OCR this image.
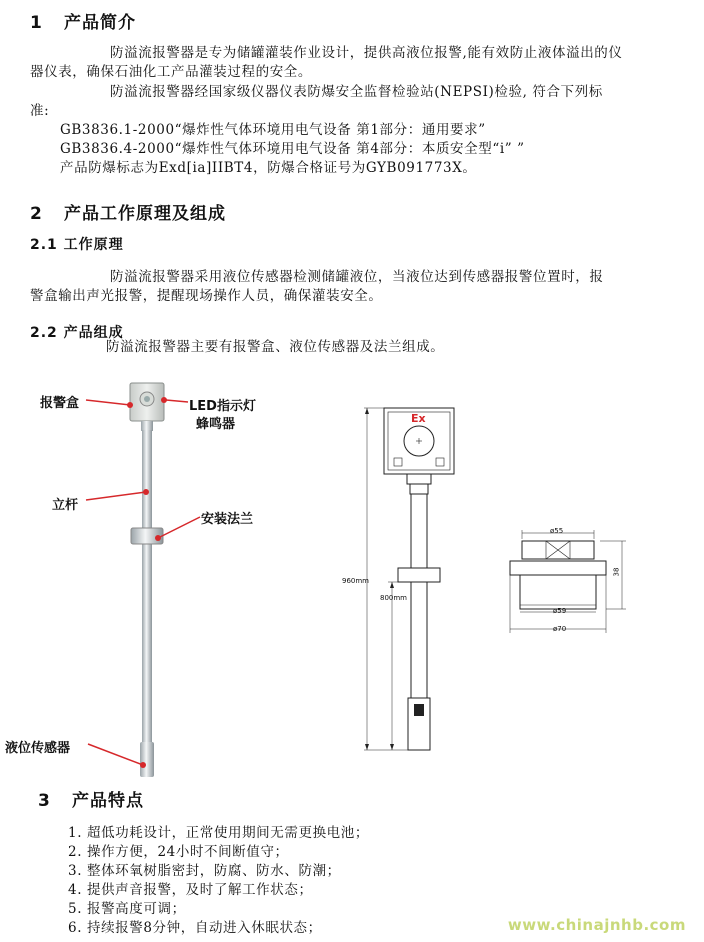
1 产品简介
防溢流报警器是专为储罐灌装作业设计，提供高液位报警,能有效防止液体溢出的仪
器仪表，确保石油化工产品灌装过程的安全。
防溢流报警器经国家级仪器仪表防爆安全监督检验站(NEPSI)检验, 符合下列标
准:
GB3836.1-2000“爆炸性气体环境用电气设备 第1部分：通用要求”
GB3836.4-2000“爆炸性气体环境用电气设备 第4部分：本质安全型“i” ”
产品防爆标志为Exd[ia]IIBT4，防爆合格证号为GYB091773X。
2 产品工作原理及组成
2.1 工作原理
防溢流报警器采用液位传感器检测储罐液位，当液位达到传感器报警位置时，报
警盒输出声光报警，提醒现场操作人员，确保灌装安全。
2.2 产品组成
防溢流报警器主要有报警盒、液位传感器及法兰组成。
报警盒	LED指示灯
蜂鸣器
立杆
安装法兰
液位传感器
Ex
960mm
800mm
ø55
ø59
ø70
38
3 产品特点
1. 超低功耗设计，正常使用期间无需更换电池；
2. 操作方便，24小时不间断值守；
3. 整体环氧树脂密封，防腐、防水、防潮；
4. 提供声音报警，及时了解工作状态；
5. 报警高度可调；
6. 持续报警8分钟，自动进入休眠状态；	www.chinajnhb.com
